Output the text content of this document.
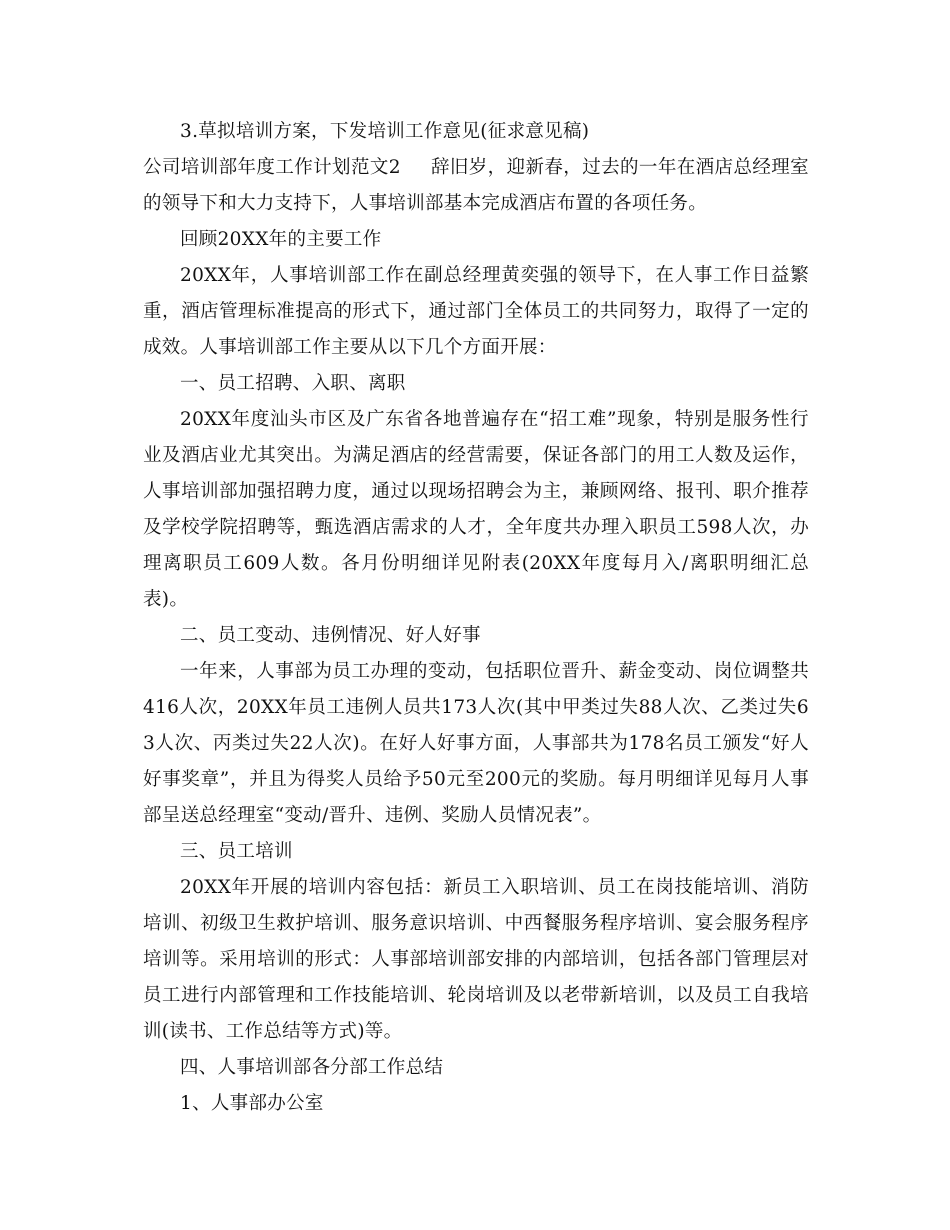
3.草拟培训方案，下发培训工作意见(征求意见稿)

公司培训部年度工作计划范文2 辞旧岁，迎新春，过去的一年在酒店总经理室的领导下和大力支持下，人事培训部基本完成酒店布置的各项任务。

回顾20XX年的主要工作

20XX年，人事培训部工作在副总经理黄奕强的领导下，在人事工作日益繁重，酒店管理标准提高的形式下，通过部门全体员工的共同努力，取得了一定的成效。人事培训部工作主要从以下几个方面开展：

一、员工招聘、入职、离职

20XX年度汕头市区及广东省各地普遍存在“招工难”现象，特别是服务性行业及酒店业尤其突出。为满足酒店的经营需要，保证各部门的用工人数及运作，人事培训部加强招聘力度，通过以现场招聘会为主，兼顾网络、报刊、职介推荐及学校学院招聘等，甄选酒店需求的人才，全年度共办理入职员工598人次，办理离职员工609人数。各月份明细详见附表(20XX年度每月入/离职明细汇总表)。

二、员工变动、违例情况、好人好事

一年来，人事部为员工办理的变动，包括职位晋升、薪金变动、岗位调整共416人次，20XX年员工违例人员共173人次(其中甲类过失88人次、乙类过失63人次、丙类过失22人次)。在好人好事方面，人事部共为178名员工颁发“好人好事奖章”，并且为得奖人员给予50元至200元的奖励。每月明细详见每月人事部呈送总经理室“变动/晋升、违例、奖励人员情况表”。

三、员工培训

20XX年开展的培训内容包括：新员工入职培训、员工在岗技能培训、消防培训、初级卫生救护培训、服务意识培训、中西餐服务程序培训、宴会服务程序培训等。采用培训的形式：人事部培训部安排的内部培训，包括各部门管理层对员工进行内部管理和工作技能培训、轮岗培训及以老带新培训，以及员工自我培训(读书、工作总结等方式)等。

四、人事培训部各分部工作总结

1、人事部办公室
